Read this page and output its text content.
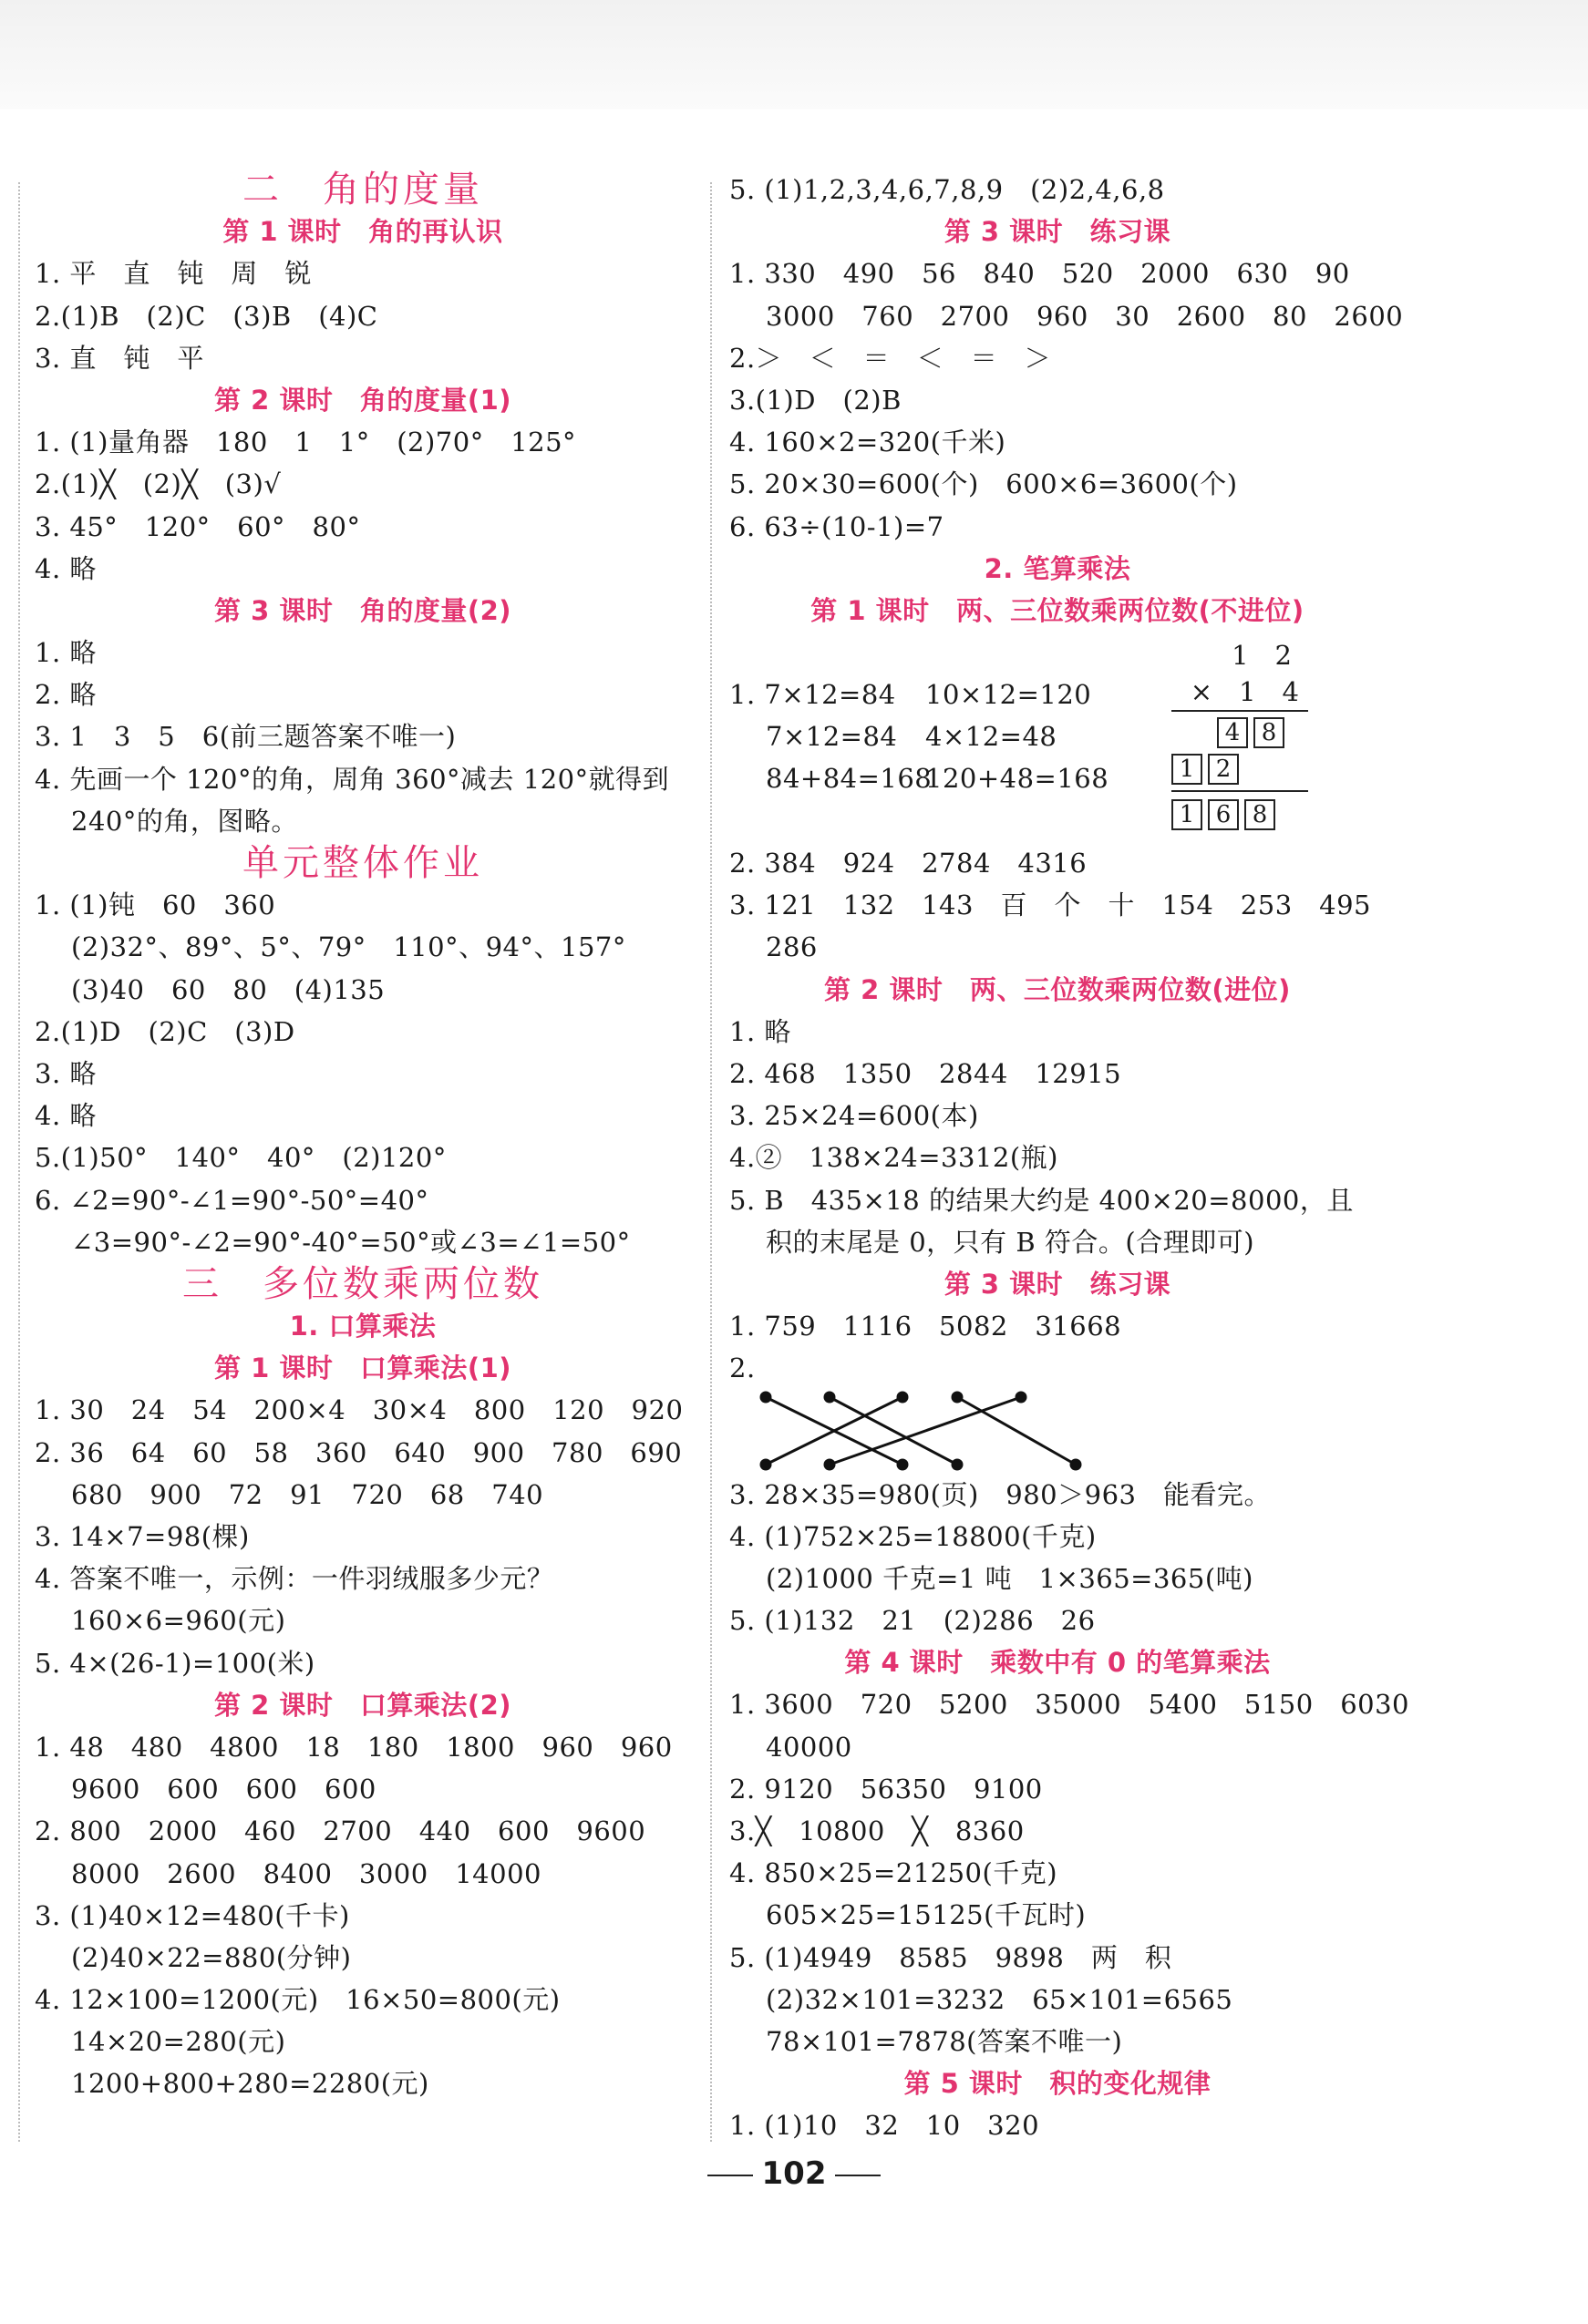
二　角的度量
第 1 课时　角的再认识
1. 平　直　钝　周　锐
2.(1)B　(2)C　(3)B　(4)C
3. 直　钝　平
第 2 课时　角的度量(1)
1. (1)量角器　180　1　1°　(2)70°　125°
2.(1)╳　(2)╳　(3)√
3. 45°　120°　60°　80°
4. 略
第 3 课时　角的度量(2)
1. 略
2. 略
3. 1　3　5　6(前三题答案不唯一)
4. 先画一个 120°的角，周角 360°减去 120°就得到
240°的角，图略。
单元整体作业
1. (1)钝　60　360
(2)32°、89°、5°、79°　110°、94°、157°
(3)40　60　80　(4)135
2.(1)D　(2)C　(3)D
3. 略
4. 略
5.(1)50°　140°　40°　(2)120°
6. ∠2=90°-∠1=90°-50°=40°
∠3=90°-∠2=90°-40°=50°或∠3=∠1=50°
三　多位数乘两位数
1. 口算乘法
第 1 课时　口算乘法(1)
1. 30　24　54　200×4　30×4　800　120　920
2. 36　64　60　58　360　640　900　780　690
680　900　72　91　720　68　740
3. 14×7=98(棵)
4. 答案不唯一，示例：一件羽绒服多少元？
160×6=960(元)
5. 4×(26-1)=100(米)
第 2 课时　口算乘法(2)
1. 48　480　4800　18　180　1800　960　960
9600　600　600　600
2. 800　2000　460　2700　440　600　9600
8000　2600　8400　3000　14000
3. (1)40×12=480(千卡)
(2)40×22=880(分钟)
4. 12×100=1200(元)　16×50=800(元)
14×20=280(元)
1200+800+280=2280(元)
5. (1)1,2,3,4,6,7,8,9　(2)2,4,6,8
第 3 课时　练习课
1. 330　490　56　840　520　2000　630　90
3000　760　2700　960　30　2600　80　2600
2.＞　＜　＝　＜　＝　＞
3.(1)D　(2)B
4. 160×2=320(千米)
5. 20×30=600(个)　600×6=3600(个)
6. 63÷(10-1)=7
2. 笔算乘法
第 1 课时　两、三位数乘两位数(不进位)
1. 7×12=84 10×12=120
7×12=84 4×12=48
84+84=168120+48=168
1　2
×　1　4
4 8
1 2
1 6 8
2. 384　924　2784　4316
3. 121　132　143　百　个　十　154　253　495
286
第 2 课时　两、三位数乘两位数(进位)
1. 略
2. 468　1350　2844　12915
3. 25×24=600(本)
4.②　138×24=3312(瓶)
5. B　435×18 的结果大约是 400×20=8000，且
积的末尾是 0，只有 B 符合。(合理即可)
第 3 课时　练习课
1. 759　1116　5082　31668
2.
3. 28×35=980(页)　980＞963　能看完。
4. (1)752×25=18800(千克)
(2)1000 千克=1 吨　1×365=365(吨)
5. (1)132　21　(2)286　26
第 4 课时　乘数中有 0 的笔算乘法
1. 3600　720　5200　35000　5400　5150　6030
40000
2. 9120　56350　9100
3.╳　10800　╳　8360
4. 850×25=21250(千克)
605×25=15125(千瓦时)
5. (1)4949　8585　9898　两　积
(2)32×101=3232　65×101=6565
78×101=7878(答案不唯一)
第 5 课时　积的变化规律
1. (1)10　32　10　320
102
